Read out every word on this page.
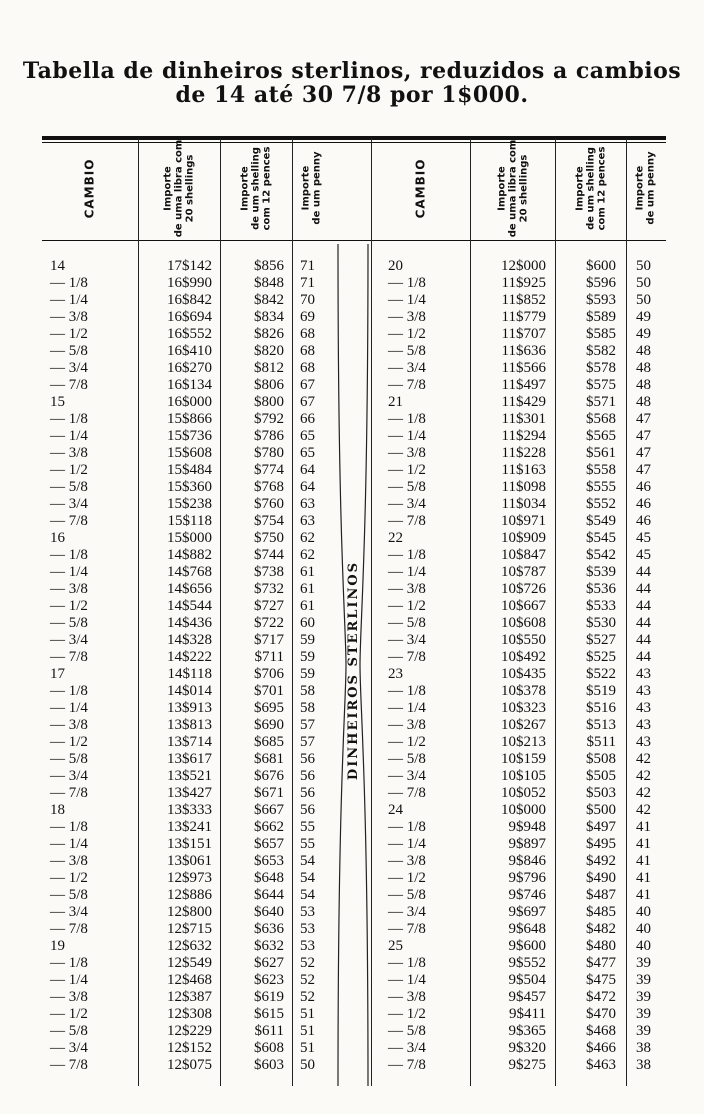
Tabella de dinheiros sterlinos, reduzidos a cambios
de 14 até 30 7/8 por 1$000.
CAMBIO	Importe de uma libra com 20 shellings	Importe de um shelling com 12 pences	Importe de um penny	CAMBIO	Importe de uma libra com 20 shellings	Importe de um shelling com 12 pences	Importe de um penny
DINHEIROS STERLINOS
14	17$142	$856 71
— 1/8	16$990	$848 71
— 1/4	16$842	$842 70
— 3/8	16$694	$834 69
— 1/2	16$552	$826 68
— 5/8	16$410	$820 68
— 3/4	16$270	$812 68
— 7/8	16$134	$806 67
15	16$000	$800 67
— 1/8	15$866	$792 66
— 1/4	15$736	$786 65
— 3/8	15$608	$780 65
— 1/2	15$484	$774 64
— 5/8	15$360	$768 64
— 3/4	15$238	$760 63
— 7/8	15$118	$754 63
16	15$000	$750 62
— 1/8	14$882	$744 62
— 1/4	14$768	$738 61
— 3/8	14$656	$732 61
— 1/2	14$544	$727 61
— 5/8	14$436	$722 60
— 3/4	14$328	$717 59
— 7/8	14$222	$711 59
17	14$118	$706 59
— 1/8	14$014	$701 58
— 1/4	13$913	$695 58
— 3/8	13$813	$690 57
— 1/2	13$714	$685 57
— 5/8	13$617	$681 56
— 3/4	13$521	$676 56
— 7/8	13$427	$671 56
18	13$333	$667 56
— 1/8	13$241	$662 55
— 1/4	13$151	$657 55
— 3/8	13$061	$653 54
— 1/2	12$973	$648 54
— 5/8	12$886	$644 54
— 3/4	12$800	$640 53
— 7/8	12$715	$636 53
19	12$632	$632 53
— 1/8	12$549	$627 52
— 1/4	12$468	$623 52
— 3/8	12$387	$619 52
— 1/2	12$308	$615 51
— 5/8	12$229	$611 51
— 3/4	12$152	$608 51
— 7/8	12$075	$603 50
20	12$000	$600 50
— 1/8	11$925	$596 50
— 1/4	11$852	$593 50
— 3/8	11$779	$589 49
— 1/2	11$707	$585 49
— 5/8	11$636	$582 48
— 3/4	11$566	$578 48
— 7/8	11$497	$575 48
21	11$429	$571 48
— 1/8	11$301	$568 47
— 1/4	11$294	$565 47
— 3/8	11$228	$561 47
— 1/2	11$163	$558 47
— 5/8	11$098	$555 46
— 3/4	11$034	$552 46
— 7/8	10$971	$549 46
22	10$909	$545 45
— 1/8	10$847	$542 45
— 1/4	10$787	$539 44
— 3/8	10$726	$536 44
— 1/2	10$667	$533 44
— 5/8	10$608	$530 44
— 3/4	10$550	$527 44
— 7/8	10$492	$525 44
23	10$435	$522 43
— 1/8	10$378	$519 43
— 1/4	10$323	$516 43
— 3/8	10$267	$513 43
— 1/2	10$213	$511 43
— 5/8	10$159	$508 42
— 3/4	10$105	$505 42
— 7/8	10$052	$503 42
24	10$000	$500 42
— 1/8	9$948	$497 41
— 1/4	9$897	$495 41
— 3/8	9$846	$492 41
— 1/2	9$796	$490 41
— 5/8	9$746	$487 41
— 3/4	9$697	$485 40
— 7/8	9$648	$482 40
25	9$600	$480 40
— 1/8	9$552	$477 39
— 1/4	9$504	$475 39
— 3/8	9$457	$472 39
— 1/2	9$411	$470 39
— 5/8	9$365	$468 39
— 3/4	9$320	$466 38
— 7/8	9$275	$463 38
